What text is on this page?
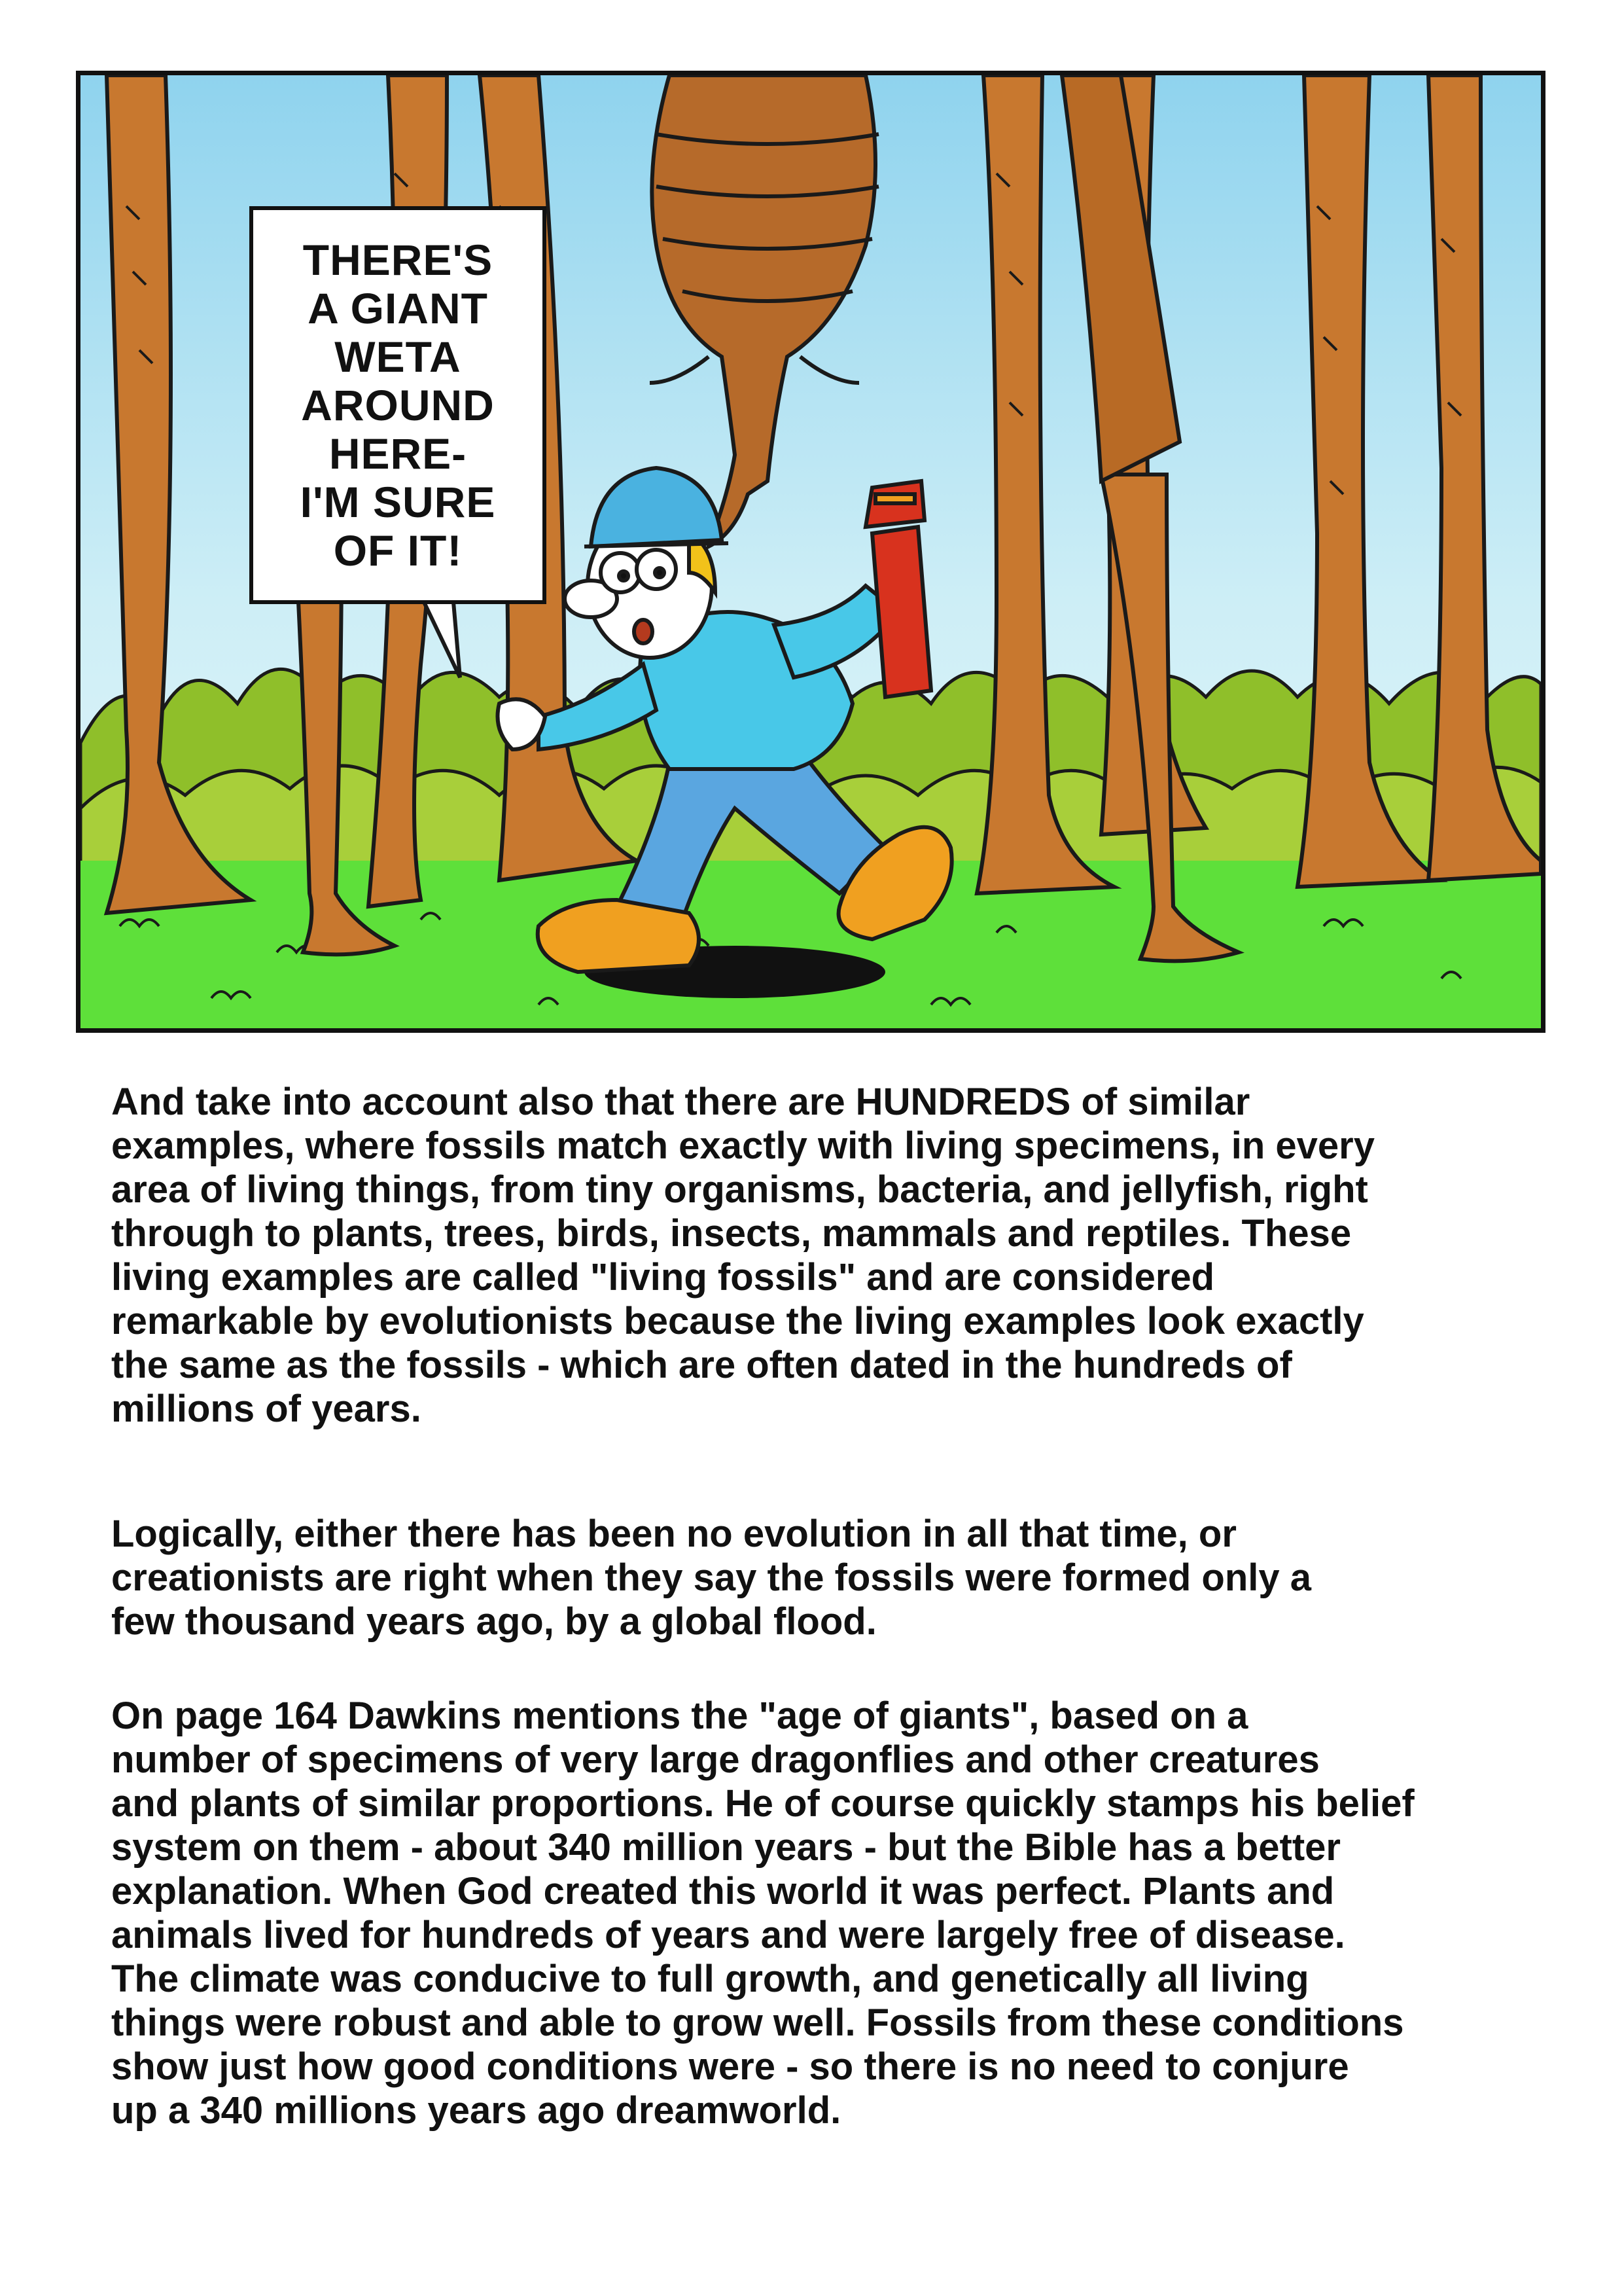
THERE'S
A GIANT
WETA
AROUND
HERE-
I'M SURE
OF IT!
And take into account also that there are HUNDREDS of similar
examples, where fossils match exactly with living specimens, in every
area of living things, from tiny organisms, bacteria, and jellyfish, right
through to plants, trees, birds, insects, mammals and reptiles. These
living examples are called "living fossils" and are considered
remarkable by evolutionists because the living examples look exactly
the same as the fossils - which are often dated in the hundreds of
millions of years.
Logically, either there has been no evolution in all that time, or
creationists are right when they say the fossils were formed only a
few thousand years ago, by a global flood.
On page 164 Dawkins mentions the "age of giants", based on a
number of specimens of very large dragonflies and other creatures
and plants of similar proportions. He of course quickly stamps his belief
system on them - about 340 million years - but the Bible has a better
explanation. When God created this world it was perfect. Plants and
animals lived for hundreds of years and were largely free of disease.
The climate was conducive to full growth, and genetically all living
things were robust and able to grow well. Fossils from these conditions
show just how good conditions were - so there is no need to conjure
up a 340 millions years ago dreamworld.
